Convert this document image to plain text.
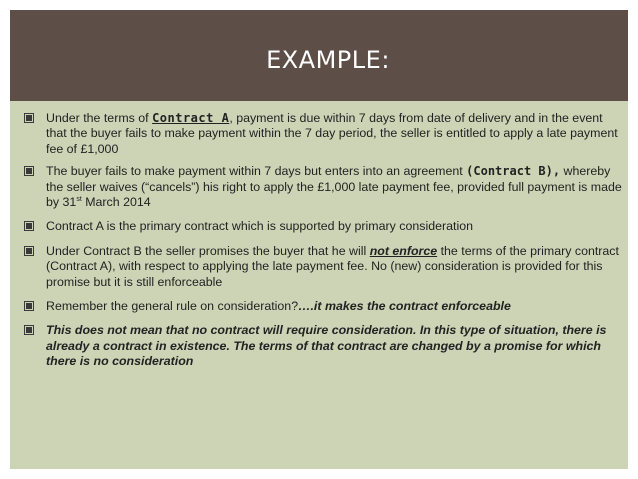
EXAMPLE:
Under the terms of Contract A, payment is due within 7 days from date of delivery and in the event that the buyer fails to make payment within the 7 day period, the seller is entitled to apply a late payment fee of £1,000
The buyer fails to make payment within 7 days but enters into an agreement (Contract B), whereby the seller waives (“cancels”) his right to apply the £1,000 late payment fee, provided full payment is made by 31st March 2014
Contract A is the primary contract which is supported by primary consideration
Under Contract B the seller promises the buyer that he will not enforce the terms of the primary contract (Contract A), with respect to applying the late payment fee. No (new) consideration is provided for this promise but it is still enforceable
Remember the general rule on consideration?….it makes the contract enforceable
This does not mean that no contract will require consideration. In this type of situation, there is already a contract in existence. The terms of that contract are changed by a promise for which there is no consideration
